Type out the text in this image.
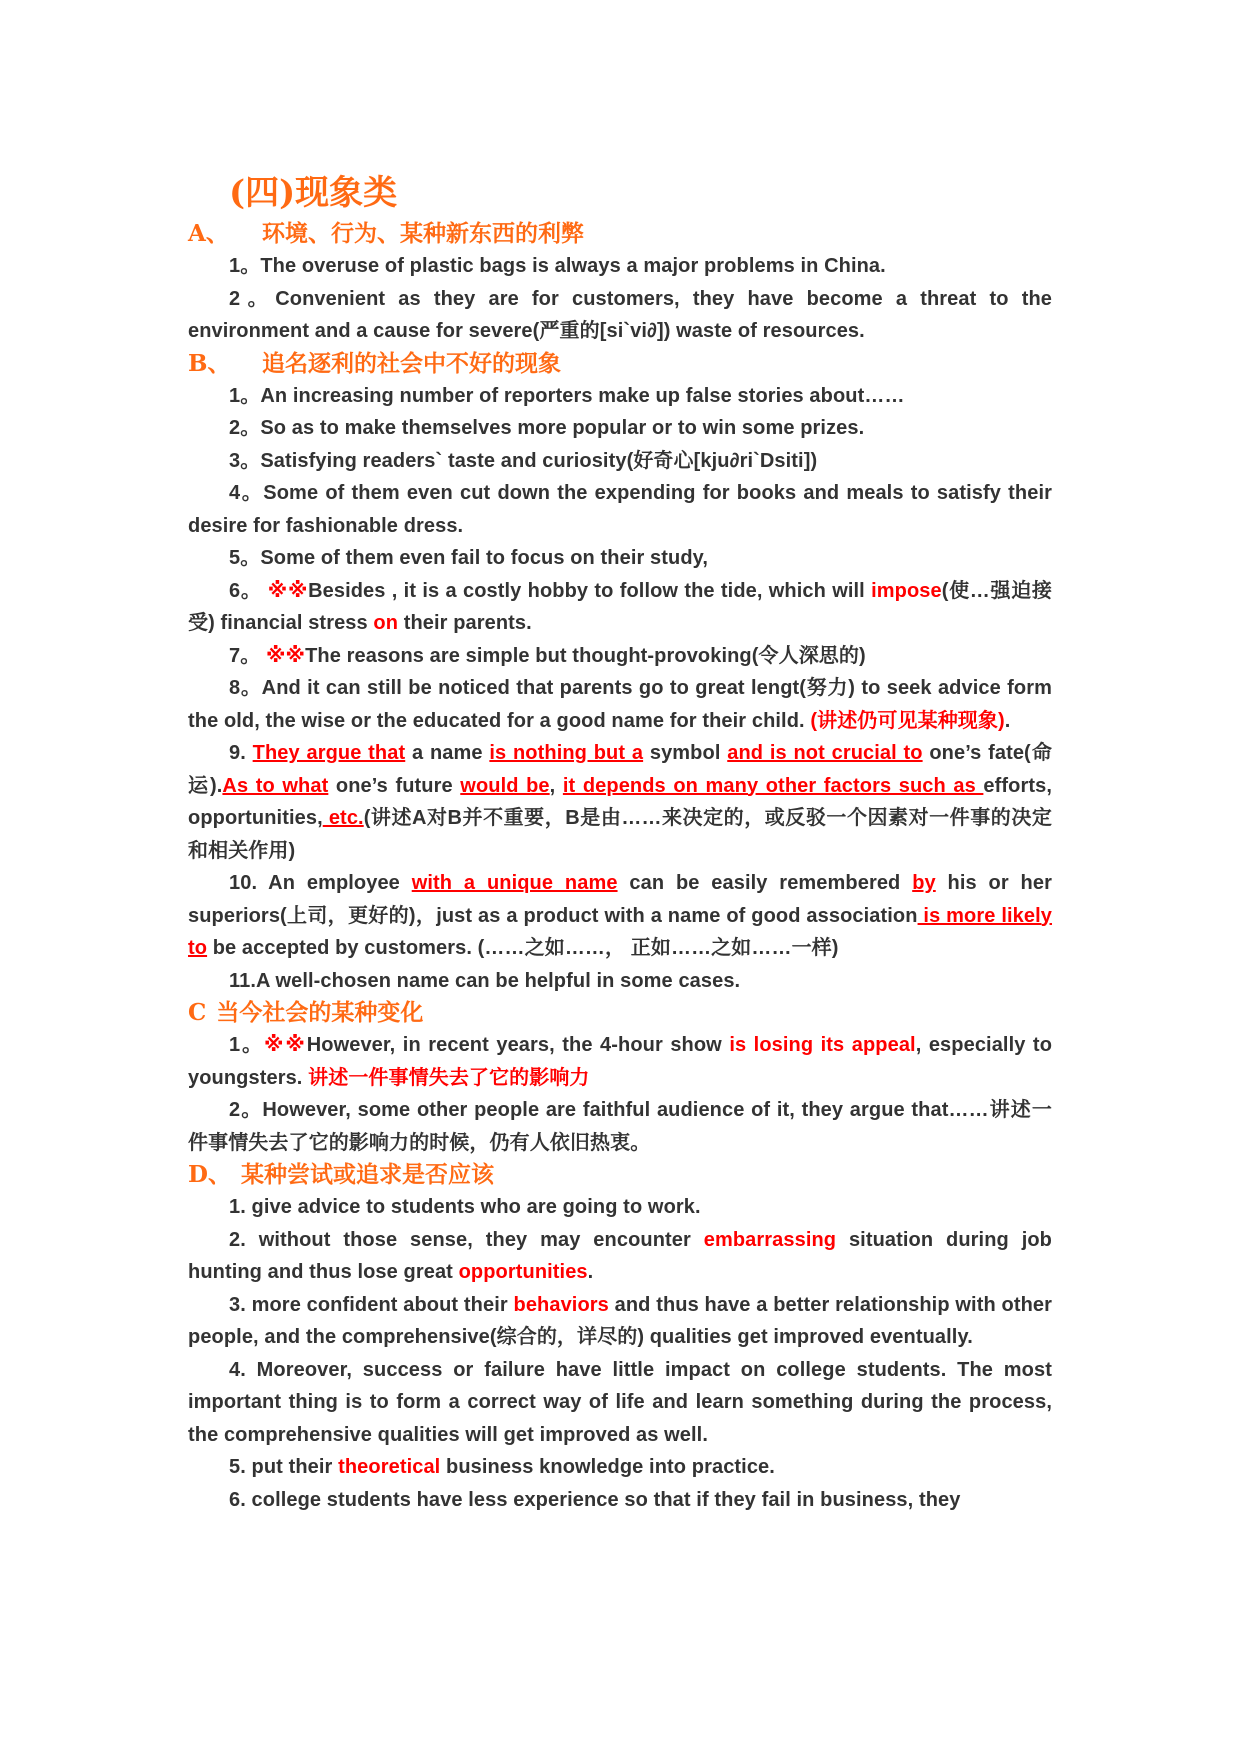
(四)现象类
A、 环境、行为、某种新东西的利弊
1。The overuse of plastic bags is always a major problems in China.
2。Convenient as they are for customers, they have become a threat to the environment and a cause for severe(严重的[si`vi∂]) waste of resources.
B、 追名逐利的社会中不好的现象
1。An increasing number of reporters make up false stories about……
2。So as to make themselves more popular or to win some prizes.
3。Satisfying readers` taste and curiosity(好奇心[kju∂ri`Dsiti])
4。Some of them even cut down the expending for books and meals to satisfy their desire for fashionable dress.
5。Some of them even fail to focus on their study,
6。 ※※Besides , it is a costly hobby to follow the tide, which will impose(使…强迫接受) financial stress on their parents.
7。 ※※The reasons are simple but thought-provoking(令人深思的)
8。And it can still be noticed that parents go to great lengt(努力) to seek advice form the old, the wise or the educated for a good name for their child. (讲述仍可见某种现象).
9. They argue that a name is nothing but a symbol and is not crucial to one’s fate(命运).As to what one’s future would be, it depends on many other factors such as efforts, opportunities, etc.(讲述A对B并不重要，B是由……来决定的，或反驳一个因素对一件事的决定和相关作用)
10. An employee with a unique name can be easily remembered by his or her superiors(上司，更好的)，just as a product with a name of good association is more likely to be accepted by customers. (……之如……， 正如……之如……一样)
11.A well-chosen name can be helpful in some cases.
C 当今社会的某种变化
1。※※However, in recent years, the 4-hour show is losing its appeal, especially to youngsters. 讲述一件事情失去了它的影响力
2。However, some other people are faithful audience of it, they argue that……讲述一件事情失去了它的影响力的时候，仍有人依旧热衷。
D、 某种尝试或追求是否应该
1. give advice to students who are going to work.
2. without those sense, they may encounter embarrassing situation during job hunting and thus lose great opportunities.
3. more confident about their behaviors and thus have a better relationship with other people, and the comprehensive(综合的，详尽的) qualities get improved eventually.
4. Moreover, success or failure have little impact on college students. The most important thing is to form a correct way of life and learn something during the process, the comprehensive qualities will get improved as well.
5. put their theoretical business knowledge into practice.
6. college students have less experience so that if they fail in business, they
